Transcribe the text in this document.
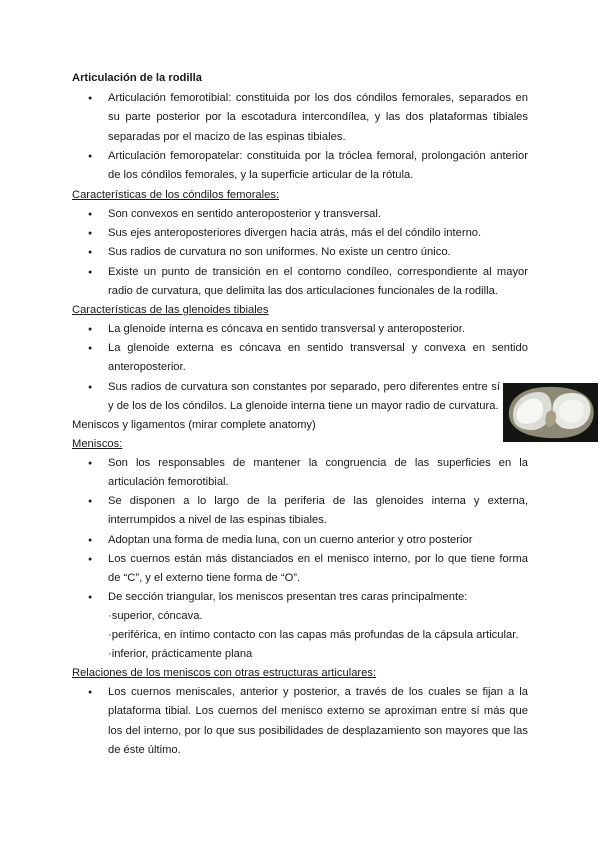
Articulación de la rodilla
● Articulación femorotibial: constituida por los dos cóndilos femorales, separados en su parte posterior por la escotadura intercondílea, y las dos plataformas tibiales separadas por el macizo de las espinas tibiales.
● Articulación femoropatelar: constituida por la tróclea femoral, prolongación anterior de los cóndilos femorales, y la superficie articular de la rótula.
Características de los cóndilos femorales:
● Son convexos en sentido anteroposterior y transversal.
● Sus ejes anteroposteriores divergen hacia atrás, más el del cóndilo interno.
● Sus radios de curvatura no son uniformes. No existe un centro único.
● Existe un punto de transición en el contorno condíleo, correspondiente al mayor radio de curvatura, que delimita las dos articulaciones funcionales de la rodilla.
Características de las glenoides tibiales
● La glenoide interna es cóncava en sentido transversal y anteroposterior.
● La glenoide externa es cóncava en sentido transversal y convexa en sentido anteroposterior.
● Sus radios de curvatura son constantes por separado, pero diferentes entre sí y de los de los cóndilos. La glenoide interna tiene un mayor radio de curvatura.
Meniscos y ligamentos (mirar complete anatomy)
Meniscos:
● Son los responsables de mantener la congruencia de las superficies en la articulación femorotibial.
● Se disponen a lo largo de la periferia de las glenoides interna y externa, interrumpidos a nivel de las espinas tibiales.
● Adoptan una forma de media luna, con un cuerno anterior y otro posterior
● Los cuernos están más distanciados en el menisco interno, por lo que tiene forma de “C”, y el externo tiene forma de “O”.
● De sección triangular, los meniscos presentan tres caras principalmente:
·superior, cóncava.
·periférica, en íntimo contacto con las capas más profundas de la cápsula articular.
·inferior, prácticamente plana
Relaciones de los meniscos con otras estructuras articulares:
● Los cuernos meniscales, anterior y posterior, a través de los cuales se fijan a la plataforma tibial. Los cuernos del menisco externo se aproximan entre sí más que los del interno, por lo que sus posibilidades de desplazamiento son mayores que las de éste último.
